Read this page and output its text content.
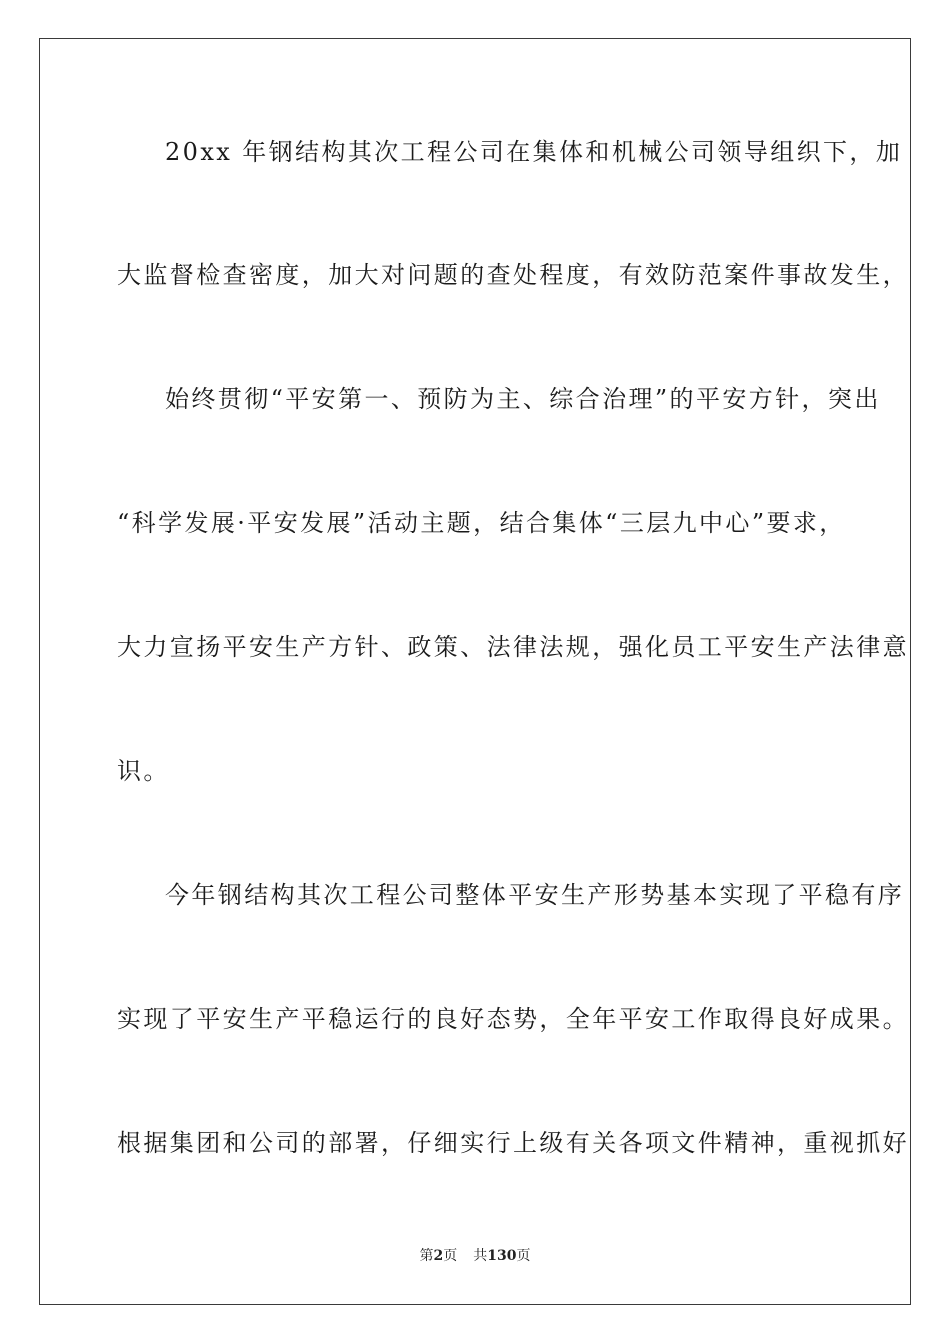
20xx 年钢结构其次工程公司在集体和机械公司领导组织下，加
大监督检查密度，加大对问题的查处程度，有效防范案件事故发生，
始终贯彻“平安第一、预防为主、综合治理”的平安方针，突出
“科学发展·平安发展”活动主题，结合集体“三层九中心”要求，
大力宣扬平安生产方针、政策、法律法规，强化员工平安生产法律意
识。
今年钢结构其次工程公司整体平安生产形势基本实现了平稳有序
实现了平安生产平稳运行的良好态势，全年平安工作取得良好成果。
根据集团和公司的部署，仔细实行上级有关各项文件精神，重视抓好
第2页 共130页
